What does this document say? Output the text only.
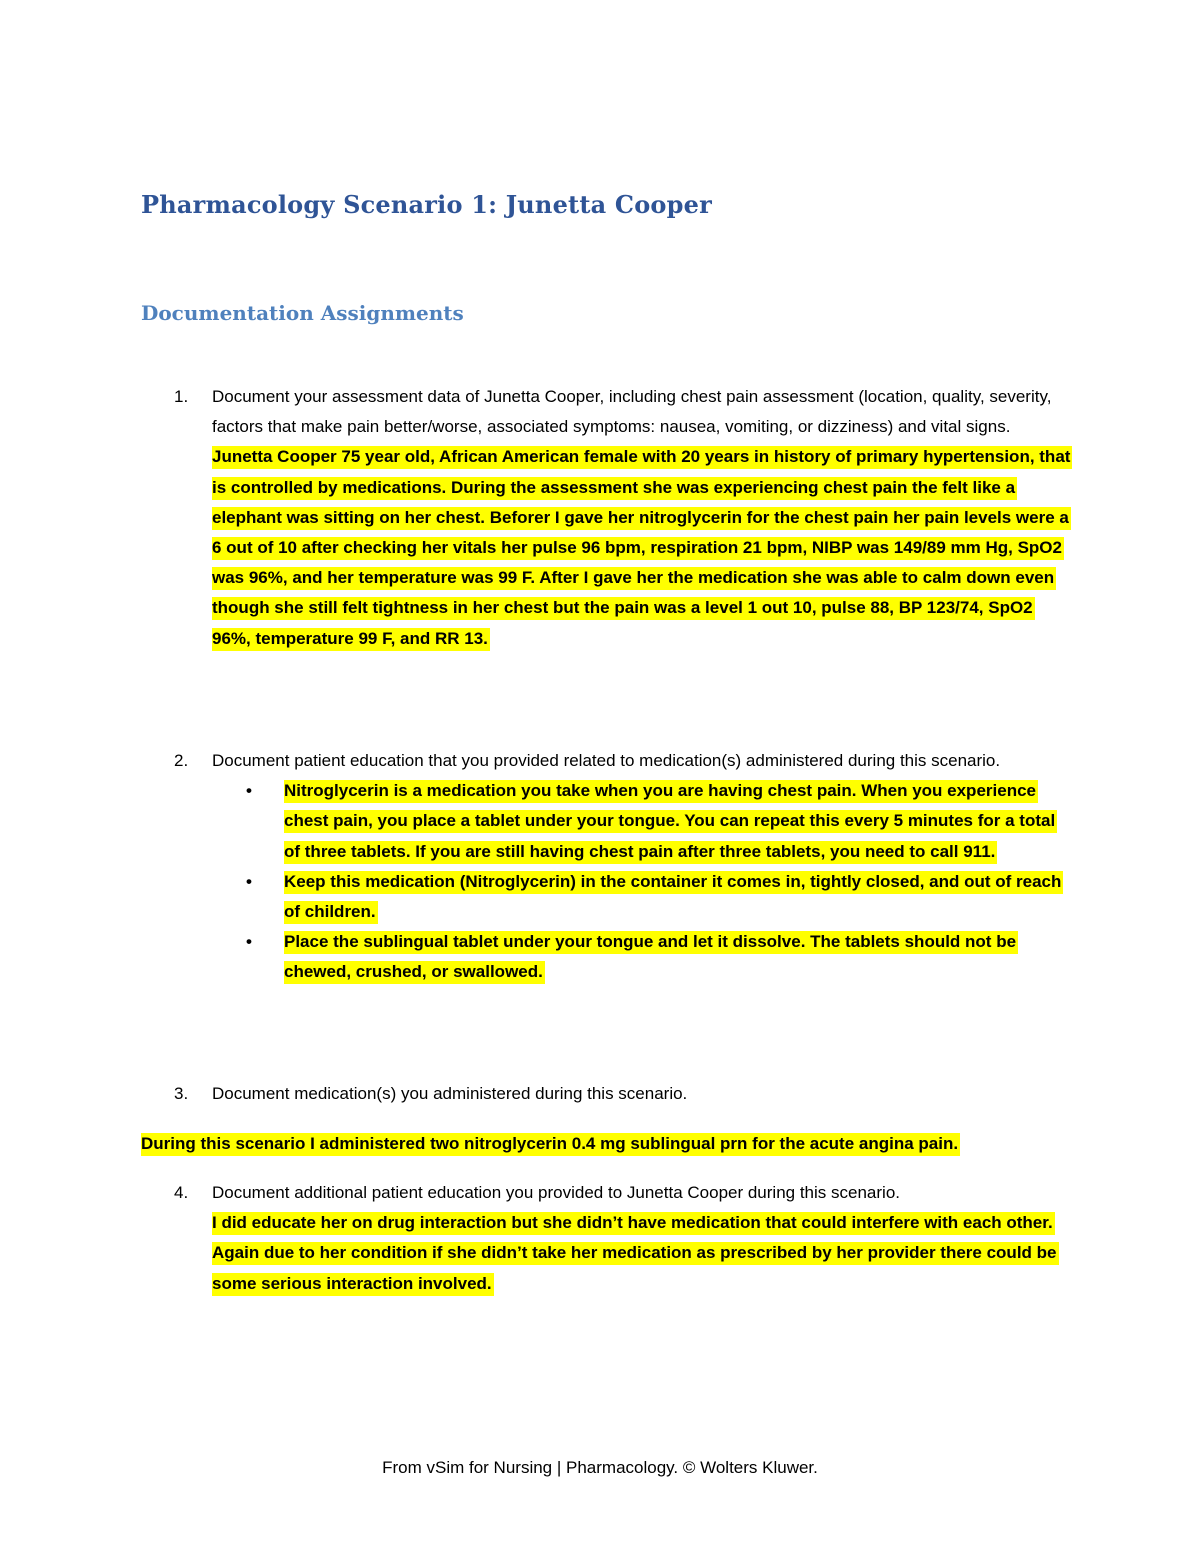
Pharmacology Scenario 1: Junetta Cooper
Documentation Assignments
1.	Document your assessment data of Junetta Cooper, including chest pain assessment (location, quality, severity, factors that make pain better/worse, associated symptoms: nausea, vomiting, or dizziness) and vital signs.
Junetta Cooper 75 year old, African American female with 20 years in history of primary hypertension, that is controlled by medications. During the assessment she was experiencing chest pain the felt like a elephant was sitting on her chest. Beforer I gave her nitroglycerin for the chest pain her pain levels were a 6 out of 10 after checking her vitals her pulse 96 bpm, respiration 21 bpm, NIBP was 149/89 mm Hg, SpO2 was 96%, and her temperature was 99 F. After I gave her the medication she was able to calm down even though she still felt tightness in her chest but the pain was a level 1 out 10, pulse 88, BP 123/74, SpO2 96%, temperature 99 F, and RR 13.
2.	Document patient education that you provided related to medication(s) administered during this scenario.
• Nitroglycerin is a medication you take when you are having chest pain. When you experience chest pain, you place a tablet under your tongue. You can repeat this every 5 minutes for a total of three tablets. If you are still having chest pain after three tablets, you need to call 911.
• Keep this medication (Nitroglycerin) in the container it comes in, tightly closed, and out of reach of children.
• Place the sublingual tablet under your tongue and let it dissolve. The tablets should not be chewed, crushed, or swallowed.
3.	Document medication(s) you administered during this scenario.
During this scenario I administered two nitroglycerin 0.4 mg sublingual prn for the acute angina pain.
4.	Document additional patient education you provided to Junetta Cooper during this scenario.
I did educate her on drug interaction but she didn’t have medication that could interfere with each other. Again due to her condition if she didn’t take her medication as prescribed by her provider there could be some serious interaction involved.
From vSim for Nursing | Pharmacology. © Wolters Kluwer.
